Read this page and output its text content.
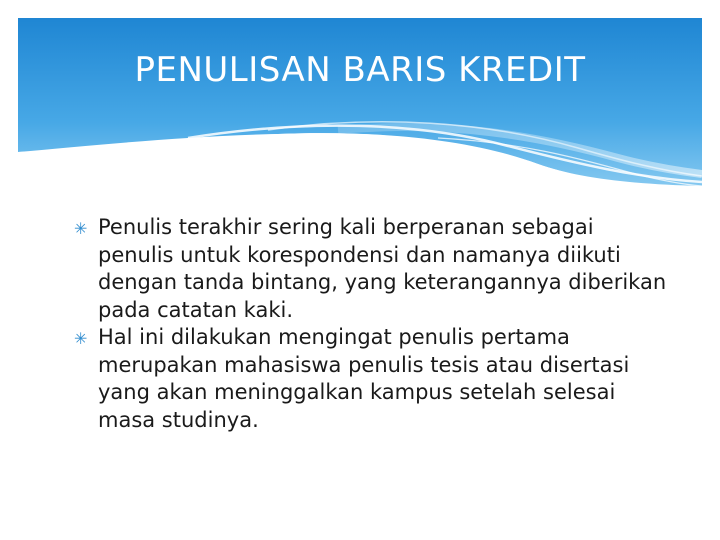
PENULISAN BARIS KREDIT
✳ Penulis terakhir sering kali berperanan sebagai penulis untuk korespondensi dan namanya diikuti dengan tanda bintang, yang keterangannya diberikan pada catatan kaki.
✳ Hal ini dilakukan mengingat penulis pertama merupakan mahasiswa penulis tesis atau disertasi yang akan meninggalkan kampus setelah selesai masa studinya.
